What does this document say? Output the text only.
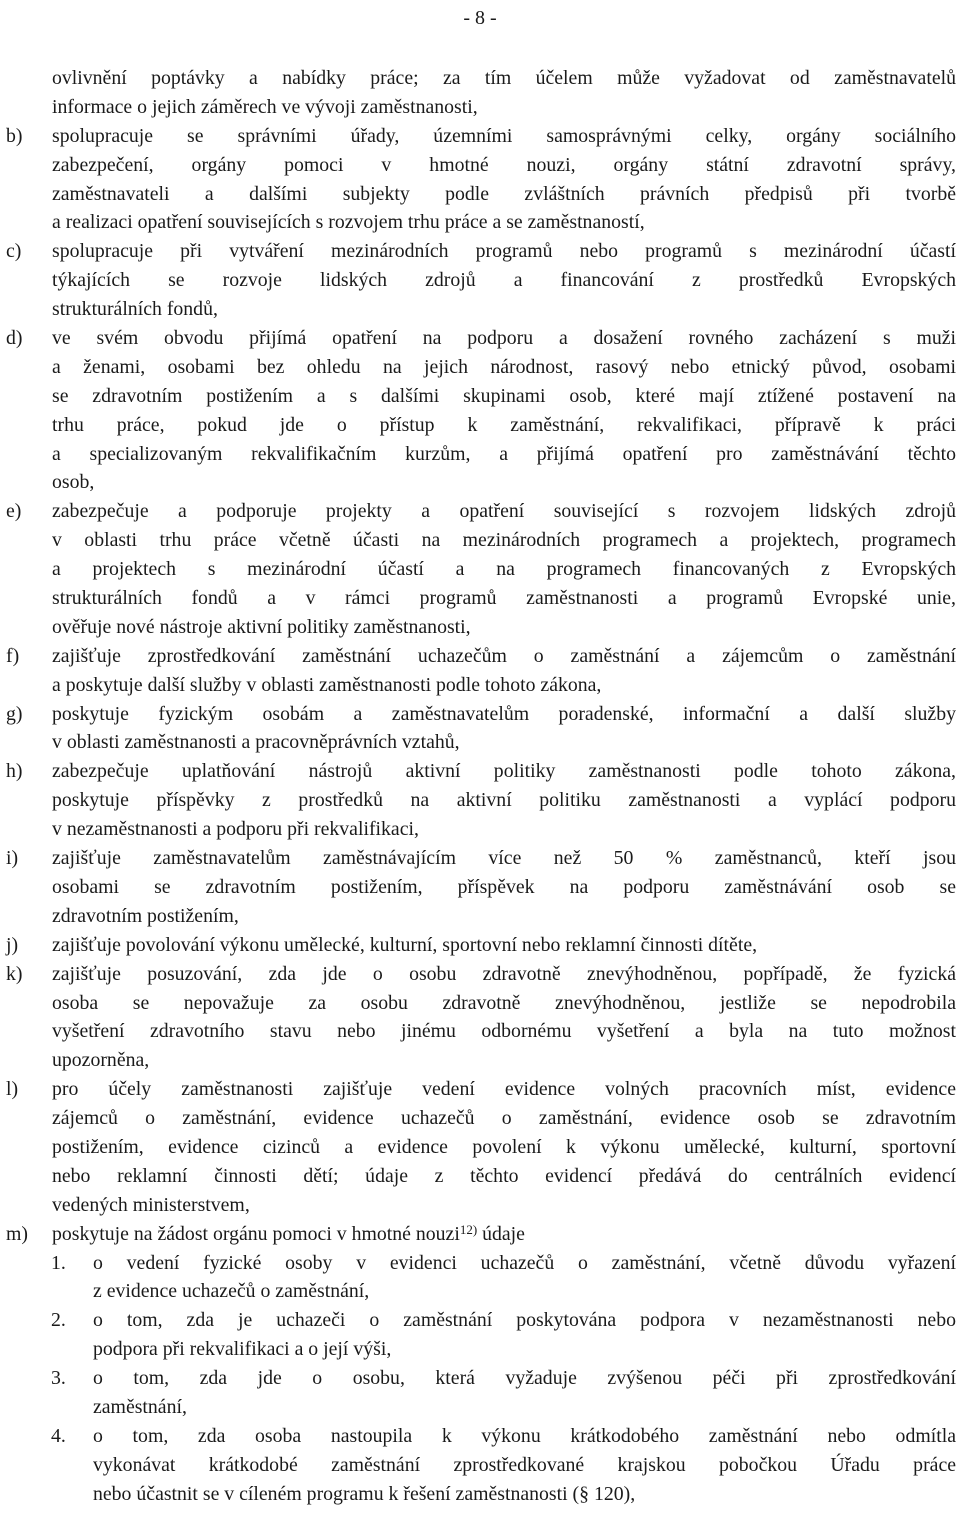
- 8 -
ovlivnění poptávky a nabídky práce; za tím účelem může vyžadovat od zaměstnavatelů
informace o jejich záměrech ve vývoji zaměstnanosti,
b) spolupracuje se správními úřady, územními samosprávnými celky, orgány sociálního
zabezpečení, orgány pomoci v hmotné nouzi, orgány státní zdravotní správy,
zaměstnavateli a dalšími subjekty podle zvláštních právních předpisů při tvorbě
a realizaci opatření souvisejících s rozvojem trhu práce a se zaměstnaností,
c) spolupracuje při vytváření mezinárodních programů nebo programů s mezinárodní účastí
týkajících se rozvoje lidských zdrojů a financování z prostředků Evropských
strukturálních fondů,
d) ve svém obvodu přijímá opatření na podporu a dosažení rovného zacházení s muži
a ženami, osobami bez ohledu na jejich národnost, rasový nebo etnický původ, osobami
se zdravotním postižením a s dalšími skupinami osob, které mají ztížené postavení na
trhu práce, pokud jde o přístup k zaměstnání, rekvalifikaci, přípravě k práci
a specializovaným rekvalifikačním kurzům, a přijímá opatření pro zaměstnávání těchto
osob,
e) zabezpečuje a podporuje projekty a opatření související s rozvojem lidských zdrojů
v oblasti trhu práce včetně účasti na mezinárodních programech a projektech, programech
a projektech s mezinárodní účastí a na programech financovaných z Evropských
strukturálních fondů a v rámci programů zaměstnanosti a programů Evropské unie,
ověřuje nové nástroje aktivní politiky zaměstnanosti,
f) zajišťuje zprostředkování zaměstnání uchazečům o zaměstnání a zájemcům o zaměstnání
a poskytuje další služby v oblasti zaměstnanosti podle tohoto zákona,
g) poskytuje fyzickým osobám a zaměstnavatelům poradenské, informační a další služby
v oblasti zaměstnanosti a pracovněprávních vztahů,
h) zabezpečuje uplatňování nástrojů aktivní politiky zaměstnanosti podle tohoto zákona,
poskytuje příspěvky z prostředků na aktivní politiku zaměstnanosti a vyplácí podporu
v nezaměstnanosti a podporu při rekvalifikaci,
i) zajišťuje zaměstnavatelům zaměstnávajícím více než 50 % zaměstnanců, kteří jsou
osobami se zdravotním postižením, příspěvek na podporu zaměstnávání osob se
zdravotním postižením,
j) zajišťuje povolování výkonu umělecké, kulturní, sportovní nebo reklamní činnosti dítěte,
k) zajišťuje posuzování, zda jde o osobu zdravotně znevýhodněnou, popřípadě, že fyzická
osoba se nepovažuje za osobu zdravotně znevýhodněnou, jestliže se nepodrobila
vyšetření zdravotního stavu nebo jinému odbornému vyšetření a byla na tuto možnost
upozorněna,
l) pro účely zaměstnanosti zajišťuje vedení evidence volných pracovních míst, evidence
zájemců o zaměstnání, evidence uchazečů o zaměstnání, evidence osob se zdravotním
postižením, evidence cizinců a evidence povolení k výkonu umělecké, kulturní, sportovní
nebo reklamní činnosti dětí; údaje z těchto evidencí předává do centrálních evidencí
vedených ministerstvem,
m) poskytuje na žádost orgánu pomoci v hmotné nouzi$^{12)}$ údaje
1. o vedení fyzické osoby v evidenci uchazečů o zaměstnání, včetně důvodu vyřazení
z evidence uchazečů o zaměstnání,
2. o tom, zda je uchazeči o zaměstnání poskytována podpora v nezaměstnanosti nebo
podpora při rekvalifikaci a o její výši,
3. o tom, zda jde o osobu, která vyžaduje zvýšenou péči při zprostředkování
zaměstnání,
4. o tom, zda osoba nastoupila k výkonu krátkodobého zaměstnání nebo odmítla
vykonávat krátkodobé zaměstnání zprostředkované krajskou pobočkou Úřadu práce
nebo účastnit se v cíleném programu k řešení zaměstnanosti (§ 120),
